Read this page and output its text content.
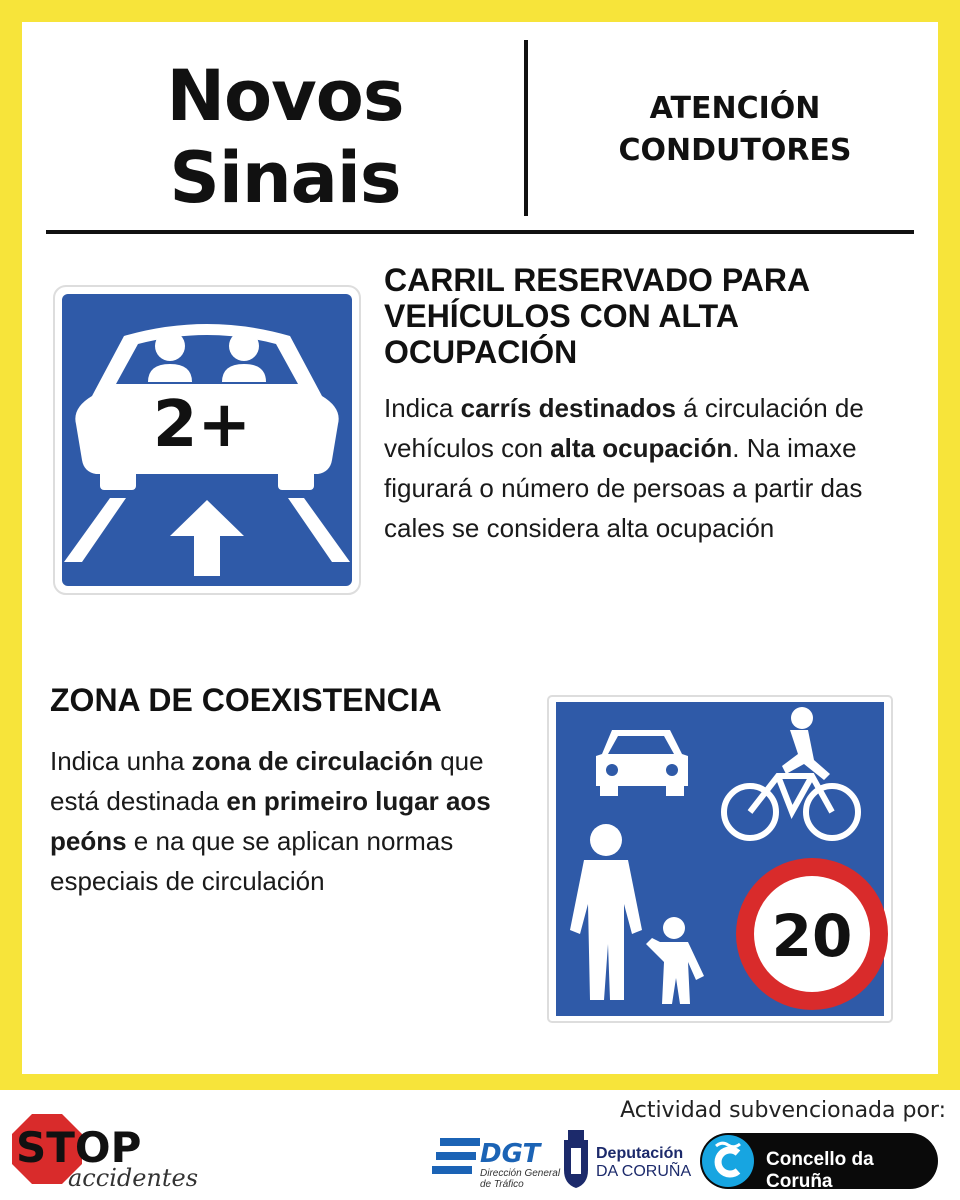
Novos
Sinais
ATENCIÓN
CONDUTORES
2+
CARRIL RESERVADO PARA
VEHÍCULOS CON ALTA
OCUPACIÓN
Indica carrís destinados á circulación de vehículos con alta ocupación. Na imaxe figurará o número de persoas a partir das cales se considera alta ocupación
ZONA DE COEXISTENCIA
Indica unha zona de circulación que está destinada en primeiro lugar aos peóns e na que se aplican normas especiais de circulación
20
Actividad subvencionada por:
STOP
accidentes
DGT
Dirección General
de Tráfico
Deputación
DA CORUÑA
Concello da Coruña
